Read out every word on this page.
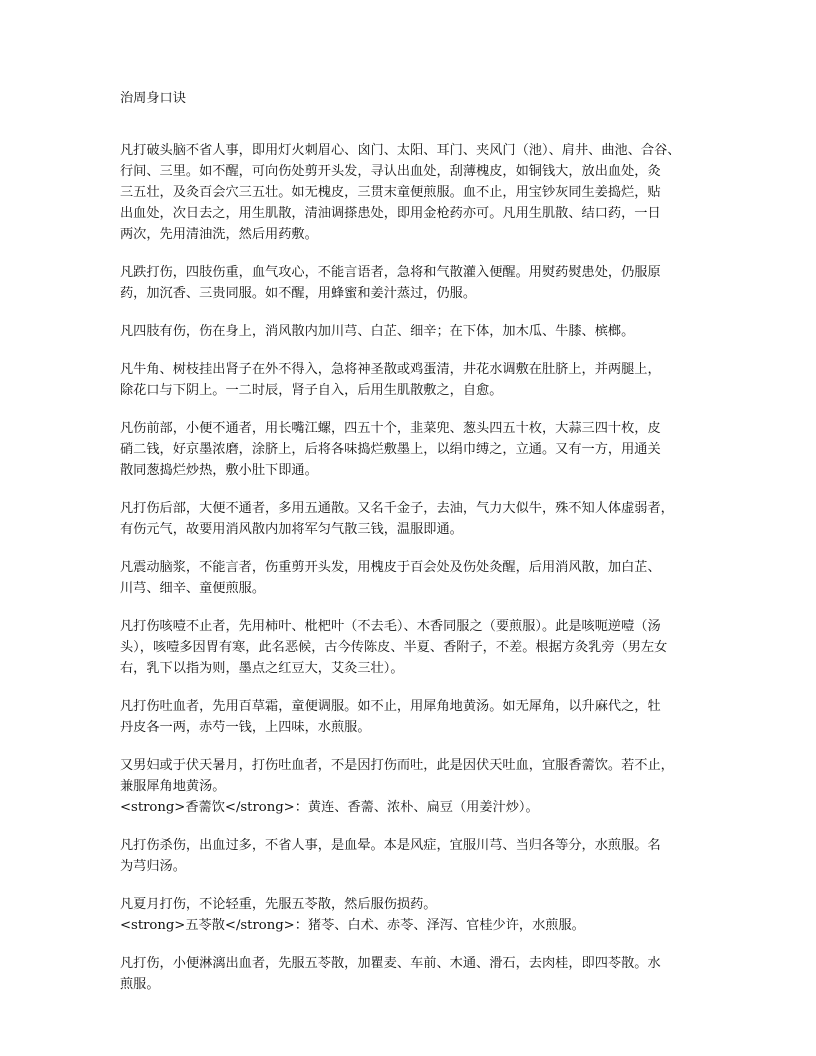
治周身口诀
凡打破头脑不省人事，即用灯火刺眉心、囟门、太阳、耳门、夹风门（池）、肩井、曲池、合谷、
行间、三里。如不醒，可向伤处剪开头发，寻认出血处，刮薄槐皮，如铜钱大，放出血处，灸
三五壮，及灸百会穴三五壮。如无槐皮，三贯末童便煎服。血不止，用宝钞灰同生姜捣烂，贴
出血处，次日去之，用生肌散，清油调搽患处，即用金枪药亦可。凡用生肌散、结口药，一日
两次，先用清油洗，然后用药敷。
凡跌打伤，四肢伤重，血气攻心，不能言语者，急将和气散灌入便醒。用熨药熨患处，仍服原
药，加沉香、三贵同服。如不醒，用蜂蜜和姜汁蒸过，仍服。
凡四肢有伤，伤在身上，消风散内加川芎、白芷、细辛；在下体，加木瓜、牛膝、槟榔。
凡牛角、树枝挂出肾子在外不得入，急将神圣散或鸡蛋清，井花水调敷在肚脐上，并两腿上，
除花口与下阴上。一二时辰，肾子自入，后用生肌散敷之，自愈。
凡伤前部，小便不通者，用长嘴江螺，四五十个，韭菜兜、葱头四五十枚，大蒜三四十枚，皮
硝二钱，好京墨浓磨，涂脐上，后将各味捣烂敷墨上，以绢巾缚之，立通。又有一方，用通关
散同葱捣烂炒热，敷小肚下即通。
凡打伤后部，大便不通者，多用五通散。又名千金子，去油，气力大似牛，殊不知人体虚弱者，
有伤元气，故要用消风散内加将军匀气散三钱，温服即通。
凡震动脑浆，不能言者，伤重剪开头发，用槐皮于百会处及伤处灸醒，后用消风散，加白芷、
川芎、细辛、童便煎服。
凡打伤咳噎不止者，先用柿叶、枇杷叶（不去毛）、木香同服之（要煎服）。此是咳呃逆噎（汤
头），咳噎多因胃有寒，此名恶候，古今传陈皮、半夏、香附子，不差。根据方灸乳旁（男左女
右，乳下以指为则，墨点之红豆大，艾灸三壮）。
凡打伤吐血者，先用百草霜，童便调服。如不止，用犀角地黄汤。如无犀角，以升麻代之，牡
丹皮各一两，赤芍一钱，上四味，水煎服。
又男妇或于伏天暑月，打伤吐血者，不是因打伤而吐，此是因伏天吐血，宜服香薷饮。若不止，
兼服犀角地黄汤。
<strong>香薷饮</strong>：黄连、香薷、浓朴、扁豆（用姜汁炒）。
凡打伤杀伤，出血过多，不省人事，是血晕。本是风症，宜服川芎、当归各等分，水煎服。名
为芎归汤。
凡夏月打伤，不论轻重，先服五苓散，然后服伤损药。
<strong>五苓散</strong>：猪苓、白术、赤苓、泽泻、官桂少许，水煎服。
凡打伤，小便淋漓出血者，先服五苓散，加瞿麦、车前、木通、滑石，去肉桂，即四苓散。水
煎服。
